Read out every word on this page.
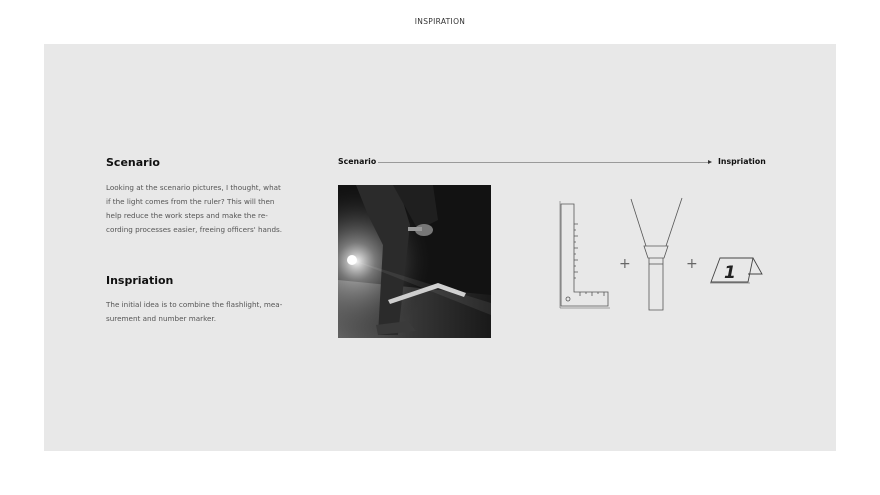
INSPIRATION
Scenario
Looking at the scenario pictures, I thought, what
if the light comes from the ruler? This will then
help reduce the work steps and make the re-
cording processes easier, freeing officers' hands.
Inspriation
The initial idea is to combine the flashlight, mea-
surement and number marker.
Scenario	Inspriation
+	+ 1
